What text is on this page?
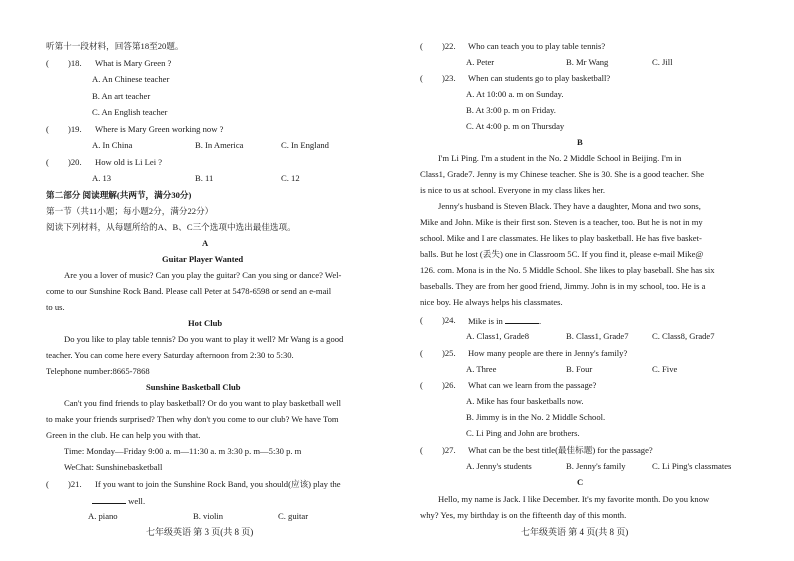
听第十一段材料，回答第18至20题。
( )18. What is Mary Green ?
A. An Chinese teacher
B. An art teacher
C. An English teacher
( )19. Where is Mary Green working now ?
A. In China	B. In America	C. In England
( )20. How old is Li Lei ?
A. 13	B. 11	C. 12
第二部分 阅读理解(共两节，满分30分)
第一节（共11小题；每小题2分，满分22分）
阅读下列材料，从每题所给的A、B、C三个选项中选出最佳选项。
A
Guitar Player Wanted
Are you a lover of music? Can you play the guitar? Can you sing or dance? Wel-
come to our Sunshine Rock Band. Please call Peter at 5478-6598 or send an e-mail
to us.
Hot Club
Do you like to play table tennis? Do you want to play it well? Mr Wang is a good
teacher. You can come here every Saturday afternoon from 2:30 to 5:30.
Telephone number:8665-7868
Sunshine Basketball Club
Can't you find friends to play basketball? Or do you want to play basketball well
to make your friends surprised? Then why don't you come to our club? We have Tom
Green in the club. He can help you with that.
Time: Monday—Friday 9:00 a. m—11:30 a. m 3:30 p. m—5:30 p. m
WeChat: Sunshinebasketball
( )21. If you want to join the Sunshine Rock Band, you should(应该) play the
well.
A. piano	B. violin	C. guitar
七年级英语 第 3 页(共 8 页)
( )22. Who can teach you to play table tennis?
A. Peter	B. Mr Wang	C. Jill
( )23. When can students go to play basketball?
A. At 10:00 a. m on Sunday.
B. At 3:00 p. m on Friday.
C. At 4:00 p. m on Thursday
B
I'm Li Ping. I'm a student in the No. 2 Middle School in Beijing. I'm in
Class1, Grade7. Jenny is my Chinese teacher. She is 30. She is a good teacher. She
is nice to us at school. Everyone in my class likes her.
Jenny's husband is Steven Black. They have a daughter, Mona and two sons,
Mike and John. Mike is their first son. Steven is a teacher, too. But he is not in my
school. Mike and I are classmates. He likes to play basketball. He has five basket-
balls. But he lost (丢失) one in Classroom 5C. If you find it, please e-mail Mike@
126. com. Mona is in the No. 5 Middle School. She likes to play baseball. She has six
baseballs. They are from her good friend, Jimmy. John is in my school, too. He is a
nice boy. He always helps his classmates.
( )24. Mike is in	.
A. Class1, Grade8	B. Class1, Grade7	C. Class8, Grade7
( )25. How many people are there in Jenny's family?
A. Three	B. Four	C. Five
( )26. What can we learn from the passage?
A. Mike has four basketballs now.
B. Jimmy is in the No. 2 Middle School.
C. Li Ping and John are brothers.
( )27. What can be the best title(最佳标题) for the passage?
A. Jenny's students	B. Jenny's family	C. Li Ping's classmates
C
Hello, my name is Jack. I like December. It's my favorite month. Do you know
why? Yes, my birthday is on the fifteenth day of this month.
七年级英语 第 4 页(共 8 页)
